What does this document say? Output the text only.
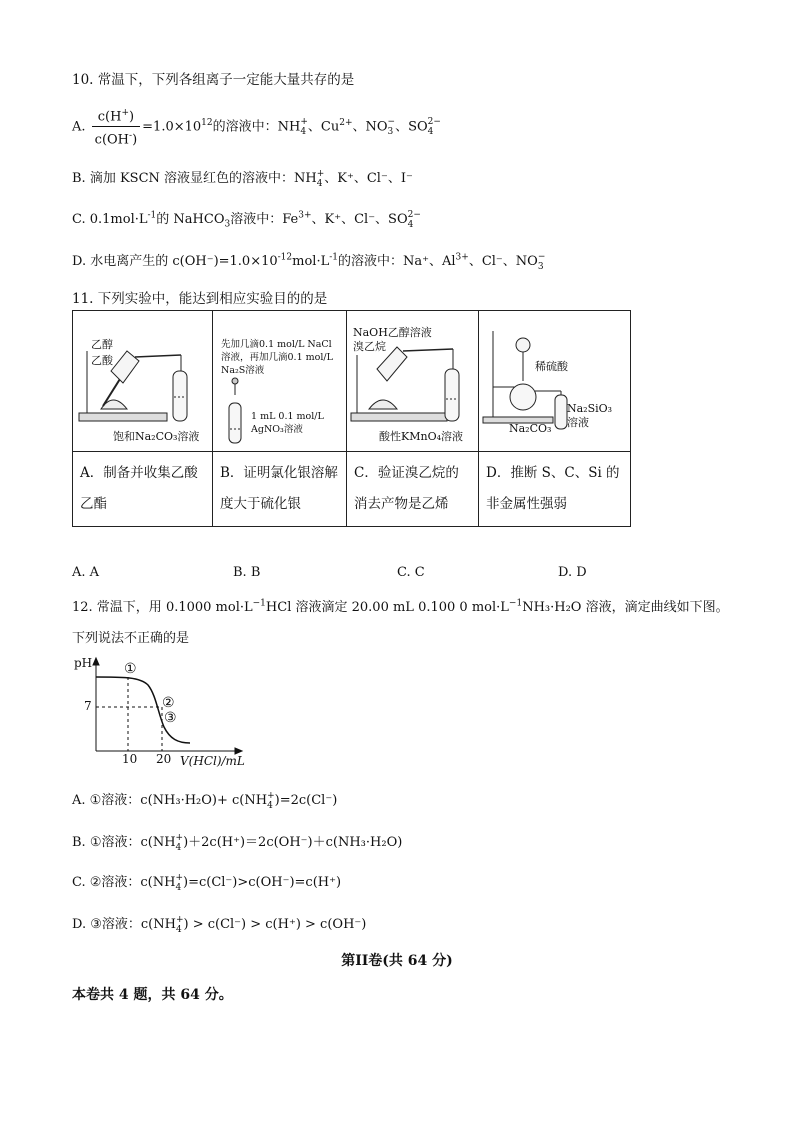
10. 常温下，下列各组离子一定能大量共存的是
A. $\frac{c(H^+)}{c(OH^-)} =1.0\times 10^{12}$的溶液中：NH+
4 、$Cu^{2+}$、NO−
3 、SO2−
4
B. 滴加 KSCN 溶液显红色的溶液中：NH+
4 、K⁺、Cl⁻、I⁻
C. $0.1mol\cdot L^{-1}$的 NaHCO$_3$溶液中：$Fe^{3+}$、K⁺、Cl⁻、SO2−
4
D. 水电离产生的 $c(OH^-)=1.0\times 10^{-12}mol\cdot L^{-1}$的溶液中：Na⁺、$Al^{3+}$、Cl⁻、NO−
3
11. 下列实验中，能达到相应实验目的的是
乙醇
乙酸
饱和Na₂CO₃溶液	先加几滴0.1 mol/L NaCl
溶液，再加几滴0.1 mol/L
Na₂S溶液
1 mL 0.1 mol/L
AgNO₃溶液	NaOH乙醇溶液
溴乙烷
酸性KMnO₄溶液	稀硫酸
Na₂SiO₃
溶液
Na₂CO₃

A．制备并收集乙酸乙酯	B．证明氯化银溶解度大于硫化银	C．验证溴乙烷的消去产物是乙烯	D．推断 S、C、Si 的非金属性强弱
A. A	B. B	C. C	D. D
12. 常温下，用 0.1000 $mol\cdot L^{-1}HCl$ 溶液滴定 20.00 mL 0.100 0 $mol\cdot L^{-1}NH_3\cdot H_2O$ 溶液，滴定曲线如下图。
下列说法不正确的是
pH
7
10 20 V(HCl)/mL
①
②
③
A. ①溶液：c(NH₃·H₂O)+ c(NH+
4 )=2c(Cl⁻)
B. ①溶液：c(NH+
4 )＋2c(H⁺)＝2c(OH⁻)＋c(NH₃·H₂O)
C. ②溶液：c(NH+
4 )=c(Cl⁻)>c(OH⁻)=c(H⁺)
D. ③溶液：c(NH+
4 ) > c(Cl⁻) > c(H⁺) > c(OH⁻)
第II卷(共 64 分)
本卷共 4 题，共 64 分。
